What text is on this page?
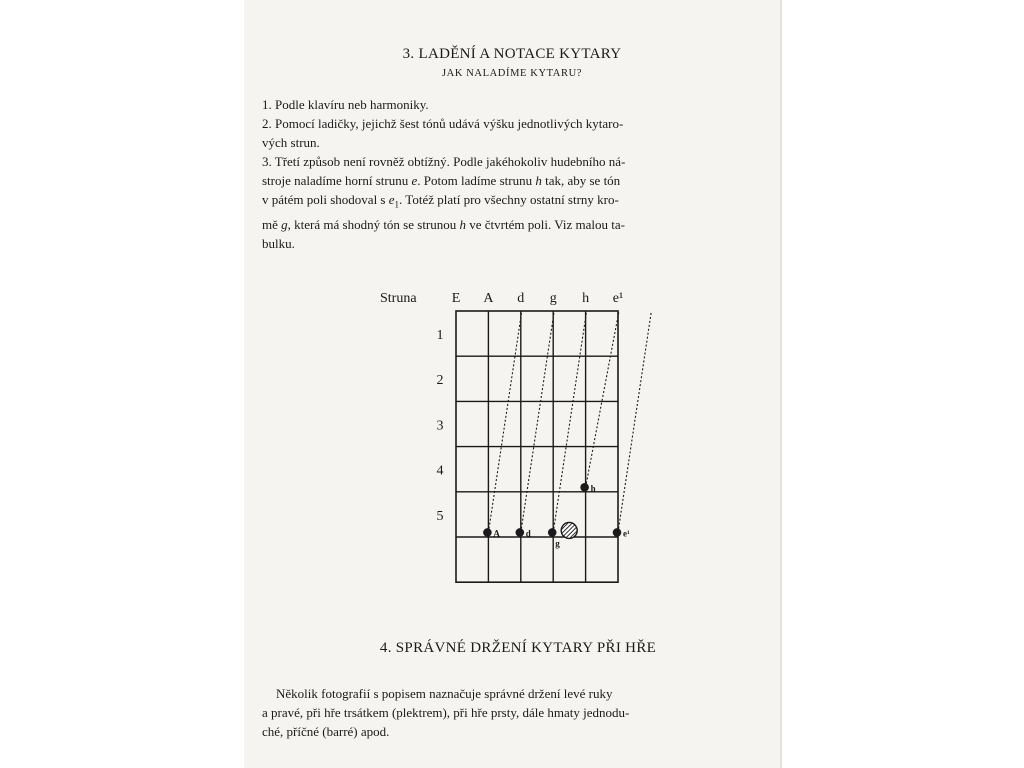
3. LADĚNÍ A NOTACE KYTARY
JAK NALADÍME KYTARU?

1. Podle klavíru neb harmoniky.

2. Pomocí ladičky, jejichž šest tónů udává výšku jednotlivých kytaro-

vých strun.

3. Třetí způsob není rovněž obtížný. Podle jakéhokoliv hudebního ná-

stroje naladíme horní strunu e. Potom ladíme strunu h tak, aby se tón

v pátém poli shodoval s $e_1$. Totéž platí pro všechny ostatní strny kro-

mě g, která má shodný tón se strunou h ve čtvrtém poli. Viz malou ta-

bulku.

Struna	E A d g h e¹
1
2
3
4
5
A	d
g
h
e¹
4. SPRÁVNÉ DRŽENÍ KYTARY PŘI HŘE

Několik fotografií s popisem naznačuje správné držení levé ruky

a pravé, při hře trsátkem (plektrem), při hře prsty, dále hmaty jednodu-

ché, příčné (barré) apod.
